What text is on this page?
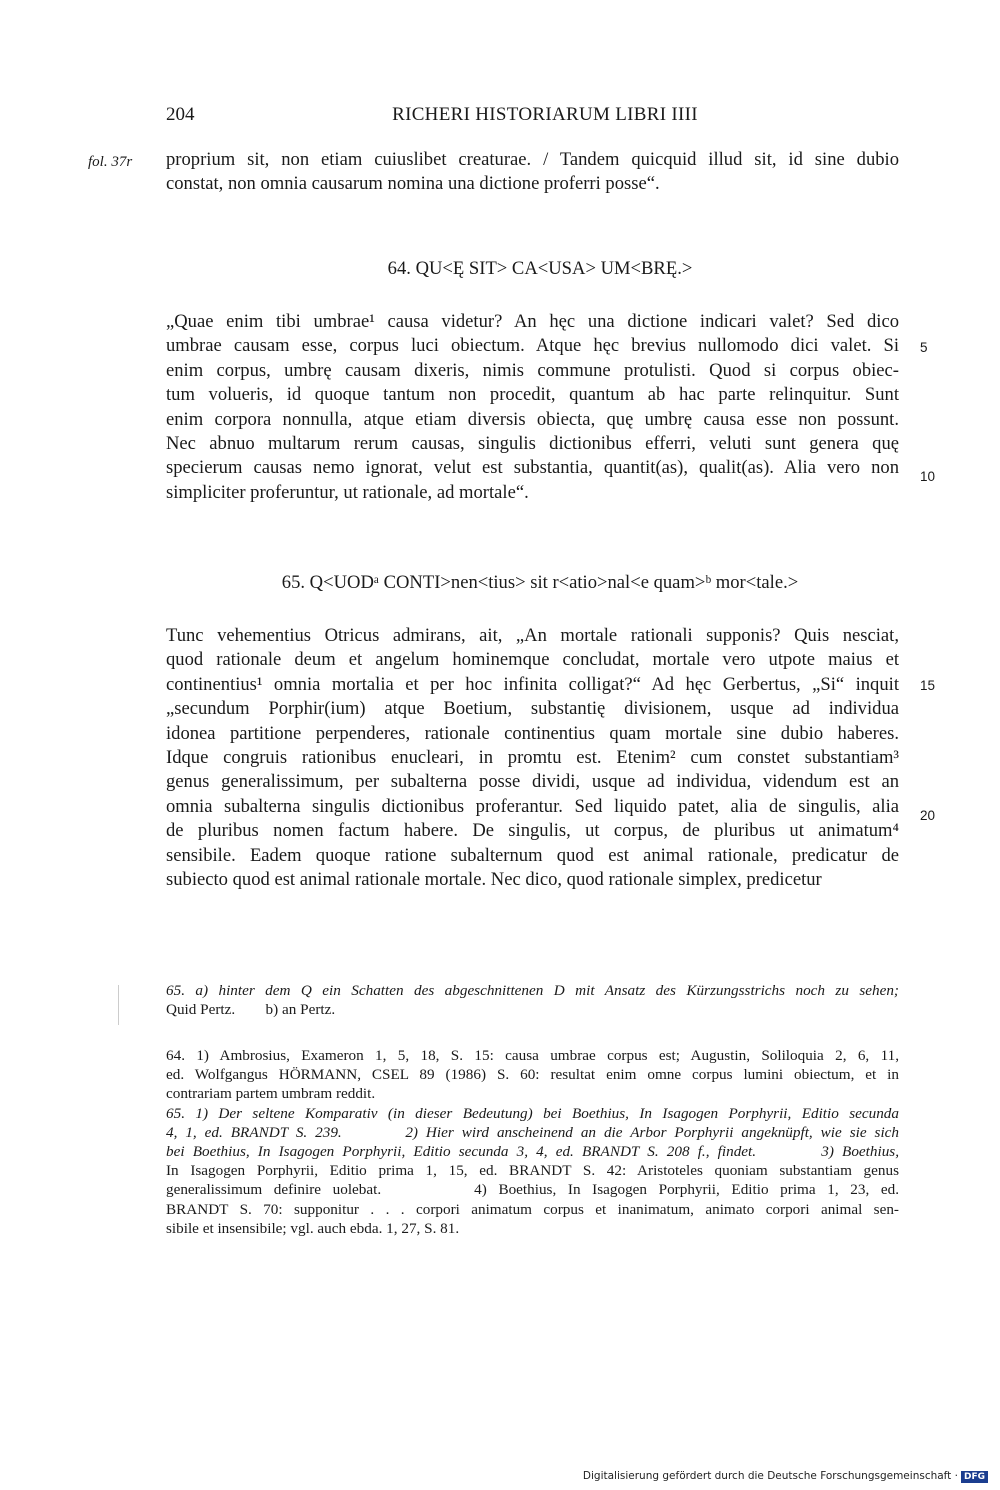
204	RICHERI HISTORIARUM LIBRI IIII
fol. 37r proprium sit, non etiam cuiuslibet creaturae. / Tandem quicquid illud sit, id sine dubio
constat, non omnia causarum nomina una dictione proferri posse“.
64. QU<Ę SIT> CA<USA> UM<BRĘ.>
„Quae enim tibi umbrae¹ causa videtur? An hęc una dictione indicari valet? Sed dico
umbrae causam esse, corpus luci obiectum. Atque hęc brevius nullomodo dici valet. Si
enim corpus, umbrę causam dixeris, nimis commune protulisti. Quod si corpus obiec-
tum volueris, id quoque tantum non procedit, quantum ab hac parte relinquitur. Sunt
enim corpora nonnulla, atque etiam diversis obiecta, quę umbrę causa esse non possunt.
Nec abnuo multarum rerum causas, singulis dictionibus efferri, veluti sunt genera quę
specierum causas nemo ignorat, velut est substantia, quantit(as), qualit(as). Alia vero non
simpliciter proferuntur, ut rationale, ad mortale“.
5
10
65. Q<UODᵃ CONTI>nen<tius> sit r<atio>nal<e quam>ᵇ mor<tale.>
Tunc vehementius Otricus admirans, ait, „An mortale rationali supponis? Quis nesciat,
quod rationale deum et angelum hominemque concludat, mortale vero utpote maius et
continentius¹ omnia mortalia et per hoc infinita colligat?“ Ad hęc Gerbertus, „Si“ inquit
„secundum Porphir(ium) atque Boetium, substantię divisionem, usque ad individua
idonea partitione perpenderes, rationale continentius quam mortale sine dubio haberes.
Idque congruis rationibus enucleari, in promtu est. Etenim² cum constet substantiam³
genus generalissimum, per subalterna posse dividi, usque ad individua, videndum est an
omnia subalterna singulis dictionibus proferantur. Sed liquido patet, alia de singulis, alia
de pluribus nomen factum habere. De singulis, ut corpus, de pluribus ut animatum⁴
sensibile. Eadem quoque ratione subalternum quod est animal rationale, predicatur de
subiecto quod est animal rationale mortale. Nec dico, quod rationale simplex, predicetur
15
20
65. a) hinter dem Q ein Schatten des abgeschnittenen D mit Ansatz des Kürzungsstrichs noch zu sehen;
Quid Pertz.        b) an Pertz.
64. 1) Ambrosius, Exameron 1, 5, 18, S. 15: causa umbrae corpus est; Augustin, Soliloquia 2, 6, 11,
ed. Wolfgangus HÖRMANN, CSEL 89 (1986) S. 60: resultat enim omne corpus lumini obiectum, et in
contrariam partem umbram reddit.
65. 1) Der seltene Komparativ (in dieser Bedeutung) bei Boethius, In Isagogen Porphyrii, Editio secunda
4, 1, ed. BRANDT S. 239.        2) Hier wird anscheinend an die Arbor Porphyrii angeknüpft, wie sie sich
bei Boethius, In Isagogen Porphyrii, Editio secunda 3, 4, ed. BRANDT S. 208 f., findet.        3) Boethius,
In Isagogen Porphyrii, Editio prima 1, 15, ed. BRANDT S. 42: Aristoteles quoniam substantiam genus
generalissimum definire uolebat.        4) Boethius, In Isagogen Porphyrii, Editio prima 1, 23, ed.
BRANDT S. 70: supponitur . . . corpori animatum corpus et inanimatum, animato corpori animal sen-
sibile et insensibile; vgl. auch ebda. 1, 27, S. 81.
Digitalisierung gefördert durch die Deutsche Forschungsgemeinschaft · DFG
